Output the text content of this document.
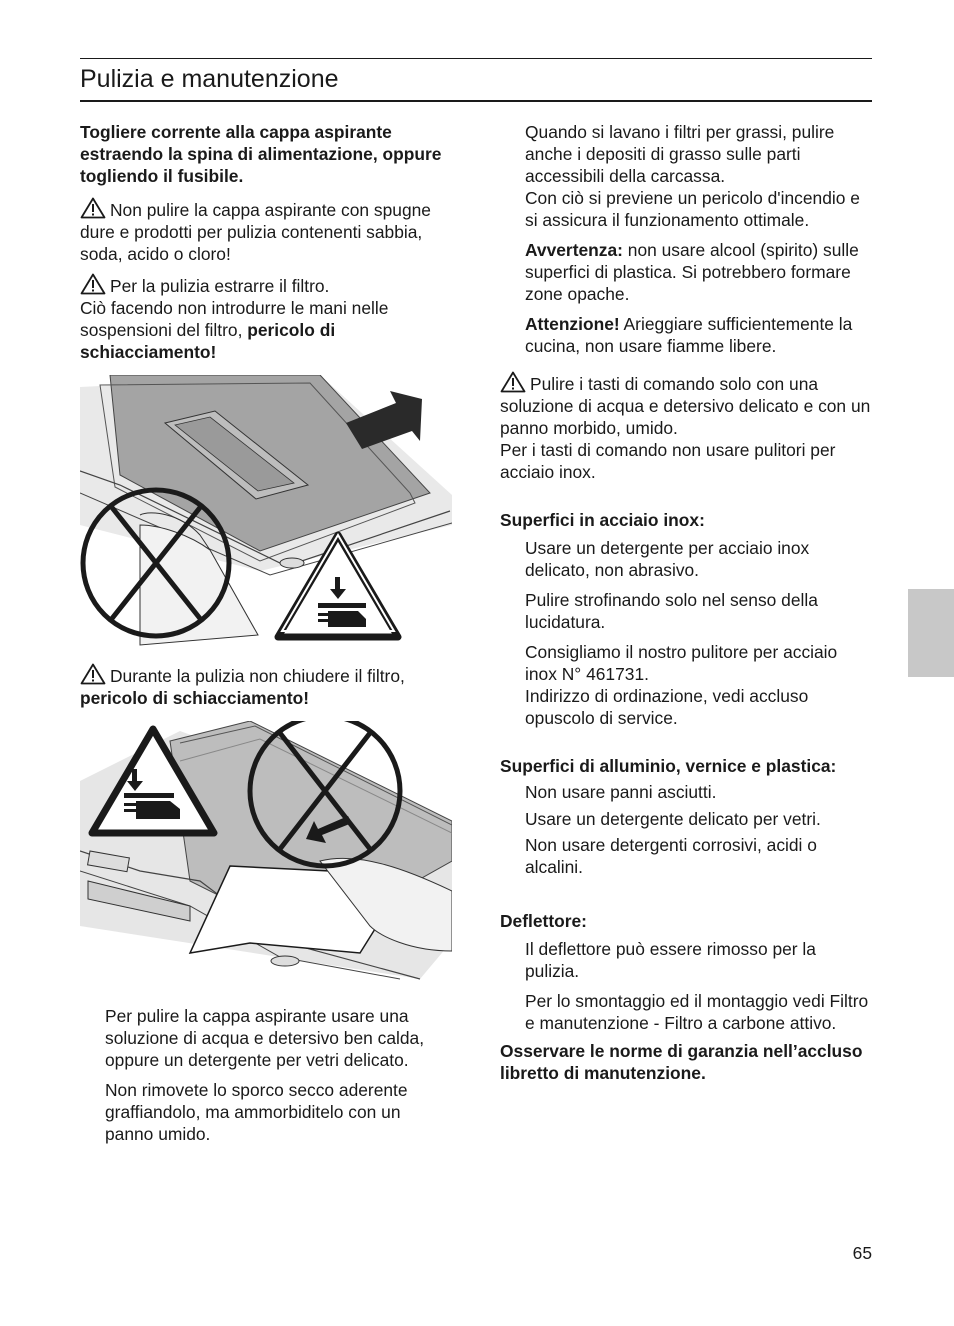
Pulizia e manutenzione

Togliere corrente alla cappa aspirante estraendo la spina di alimentazione, oppure togliendo il fusibile.

Non pulire la cappa aspirante con spugne dure e prodotti per pulizia contenenti sabbia, soda, acido o cloro!

Per la pulizia estrarre il filtro.
Ciò facendo non introdurre le mani nelle sospensioni del filtro, pericolo di schiacciamento!

Durante la pulizia non chiudere il filtro,
pericolo di schiacciamento!

Per pulire la cappa aspirante usare una soluzione di acqua e detersivo ben calda, oppure un detergente per vetri delicato.

Non rimovete lo sporco secco aderente graffiandolo, ma ammorbiditelo con un panno umido.

Quando si lavano i filtri per grassi, pulire anche i depositi di grasso sulle parti accessibili della carcassa.
Con ciò si previene un pericolo d'incendio e si assicura il funzionamento ottimale.

Avvertenza: non usare alcool (spirito) sulle superfici di plastica. Si potrebbero formare zone opache.

Attenzione! Arieggiare sufficientemente la cucina, non usare fiamme libere.

Pulire i tasti di comando solo con una soluzione di acqua e detersivo delicato e con un panno morbido, umido.
Per i tasti di comando non usare pulitori per acciaio inox.

Superfici in acciaio inox:

Usare un detergente per acciaio inox delicato, non abrasivo.

Pulire strofinando solo nel senso della lucidatura.

Consigliamo il nostro pulitore per acciaio inox N° 461731.
Indirizzo di ordinazione, vedi accluso opuscolo di service.

Superfici di alluminio, vernice e plastica:

Non usare panni asciutti.

Usare un detergente delicato per vetri.

Non usare detergenti corrosivi, acidi o alcalini.

Deflettore:

Il deflettore può essere rimosso per la pulizia.

Per lo smontaggio ed il montaggio vedi Filtro e manutenzione - Filtro a carbone attivo.

Osservare le norme di garanzia nell’accluso libretto di manutenzione.

65
